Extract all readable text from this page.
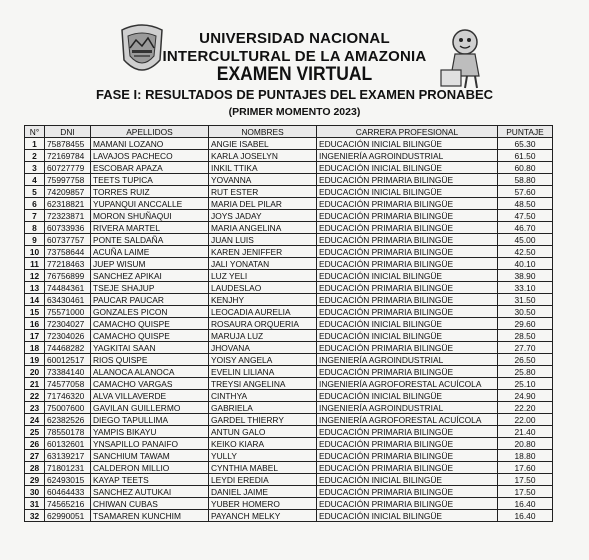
UNIVERSIDAD NACIONAL
INTERCULTURAL DE LA AMAZONIA
EXAMEN VIRTUAL
FASE I: RESULTADOS DE PUNTAJES DEL EXAMEN PRONABEC
(PRIMER MOMENTO 2023)
N°	DNI	APELLIDOS	NOMBRES	CARRERA PROFESIONAL	PUNTAJE
1	75878455	MAMANI LOZANO	ANGIE ISABEL	EDUCACIÓN INICIAL BILINGÜE	65.30
2	72169784	LAVAJOS PACHECO	KARLA JOSELYN	INGENIERÍA AGROINDUSTRIAL	61.50
3	60727779	ESCOBAR APAZA	INKIL TTIKA	EDUCACIÓN INICIAL BILINGÜE	60.80
4	75997758	TEETS TUPICA	YOVANNA	EDUCACIÓN PRIMARIA BILINGÜE	58.80
5	74209857	TORRES RUIZ	RUT ESTER	EDUCACIÓN INICIAL BILINGÜE	57.60
6	62318821	YUPANQUI ANCCALLE	MARIA DEL PILAR	EDUCACIÓN PRIMARIA BILINGÜE	48.50
7	72323871	MORON SHUÑAQUI	JOYS JADAY	EDUCACIÓN PRIMARIA BILINGÜE	47.50
8	60733936	RIVERA MARTEL	MARIA ANGELINA	EDUCACIÓN PRIMARIA BILINGÜE	46.70
9	60737757	PONTE SALDAÑA	JUAN LUIS	EDUCACIÓN PRIMARIA BILINGÜE	45.00
10	73758644	ACUÑA LAIME	KAREN JENIFFER	EDUCACIÓN PRIMARIA BILINGÜE	42.50
11	77218463	JUEP WISUM	JALI YONATAN	EDUCACIÓN PRIMARIA BILINGÜE	40.10
12	76756899	SANCHEZ APIKAI	LUZ YELI	EDUCACIÓN INICIAL BILINGÜE	38.90
13	74484361	TSEJE SHAJUP	LAUDESLAO	EDUCACIÓN PRIMARIA BILINGÜE	33.10
14	63430461	PAUCAR PAUCAR	KENJHY	EDUCACIÓN PRIMARIA BILINGÜE	31.50
15	75571000	GONZALES PICON	LEOCADIA AURELIA	EDUCACIÓN PRIMARIA BILINGÜE	30.50
16	72304027	CAMACHO QUISPE	ROSAURA ORQUERIA	EDUCACIÓN INICIAL BILINGÜE	29.60
17	72304026	CAMACHO QUISPE	MARUJA LUZ	EDUCACIÓN INICIAL BILINGÜE	28.50
18	74468282	YAGKITAI SAAN	JHOVANA	EDUCACIÓN PRIMARIA BILINGÜE	27.70
19	60012517	RIOS QUISPE	YOISY ANGELA	INGENIERÍA AGROINDUSTRIAL	26.50
20	73384140	ALANOCA ALANOCA	EVELIN LILIANA	EDUCACIÓN PRIMARIA BILINGÜE	25.80
21	74577058	CAMACHO VARGAS	TREYSI ANGELINA	INGENIERÍA AGROFORESTAL ACUÍCOLA	25.10
22	71746320	ALVA VILLAVERDE	CINTHYA	EDUCACIÓN INICIAL BILINGÜE	24.90
23	75007600	GAVILAN GUILLERMO	GABRIELA	INGENIERÍA AGROINDUSTRIAL	22.20
24	62382526	DIEGO TAPULLIMA	GARDEL THIERRY	INGENIERÍA AGROFORESTAL ACUÍCOLA	22.00
25	78550178	YAMPIS BIKAYU	ANTUN GALO	EDUCACIÓN PRIMARIA BILINGÜE	21.40
26	60132601	YNSAPILLO PANAIFO	KEIKO KIARA	EDUCACIÓN PRIMARIA BILINGÜE	20.80
27	63139217	SANCHIUM TAWAM	YULLY	EDUCACIÓN PRIMARIA BILINGÜE	18.80
28	71801231	CALDERON MILLIO	CYNTHIA MABEL	EDUCACIÓN PRIMARIA BILINGÜE	17.60
29	62493015	KAYAP TEETS	LEYDI EREDIA	EDUCACIÓN INICIAL BILINGÜE	17.50
30	60464433	SANCHEZ AUTUKAI	DANIEL JAIME	EDUCACIÓN PRIMARIA BILINGÜE	17.50
31	74565216	CHIWAN CUBAS	YUBER HOMERO	EDUCACIÓN PRIMARIA BILINGÜE	16.40
32	62990051	TSAMAREN KUNCHIM	PAYANCH MELKY	EDUCACIÓN INICIAL BILINGÜE	16.40
